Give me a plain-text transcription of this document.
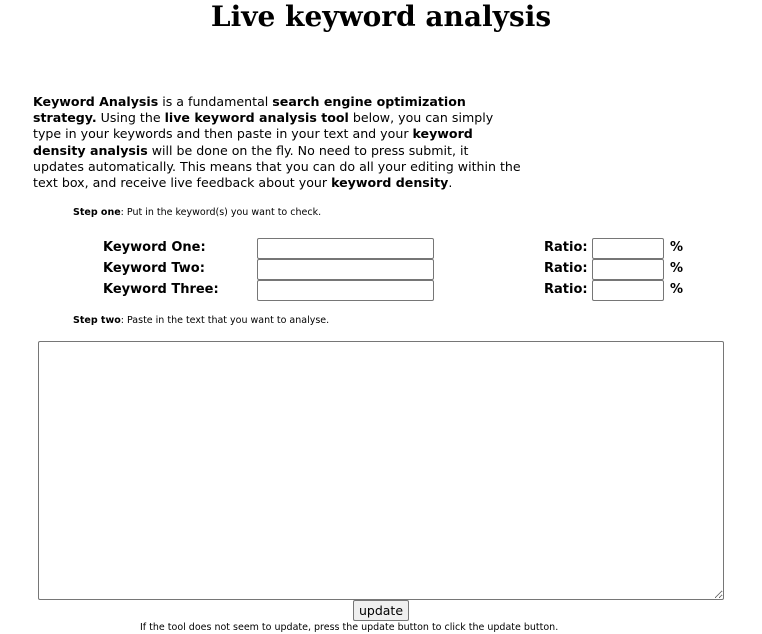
Live keyword analysis

Keyword Analysis is a fundamental search engine optimization strategy. Using the live keyword analysis tool below, you can simply type in your keywords and then paste in your text and your keyword density analysis will be done on the fly. No need to press submit, it updates automatically. This means that you can do all your editing within the text box, and receive live feedback about your keyword density.

Step one: Put in the keyword(s) you want to check.

Keyword One:	Ratio:	%
Keyword Two:	Ratio:	%
Keyword Three:	Ratio:	%

Step two: Paste in the text that you want to analyse.

update
If the tool does not seem to update, press the update button to click the update button.
